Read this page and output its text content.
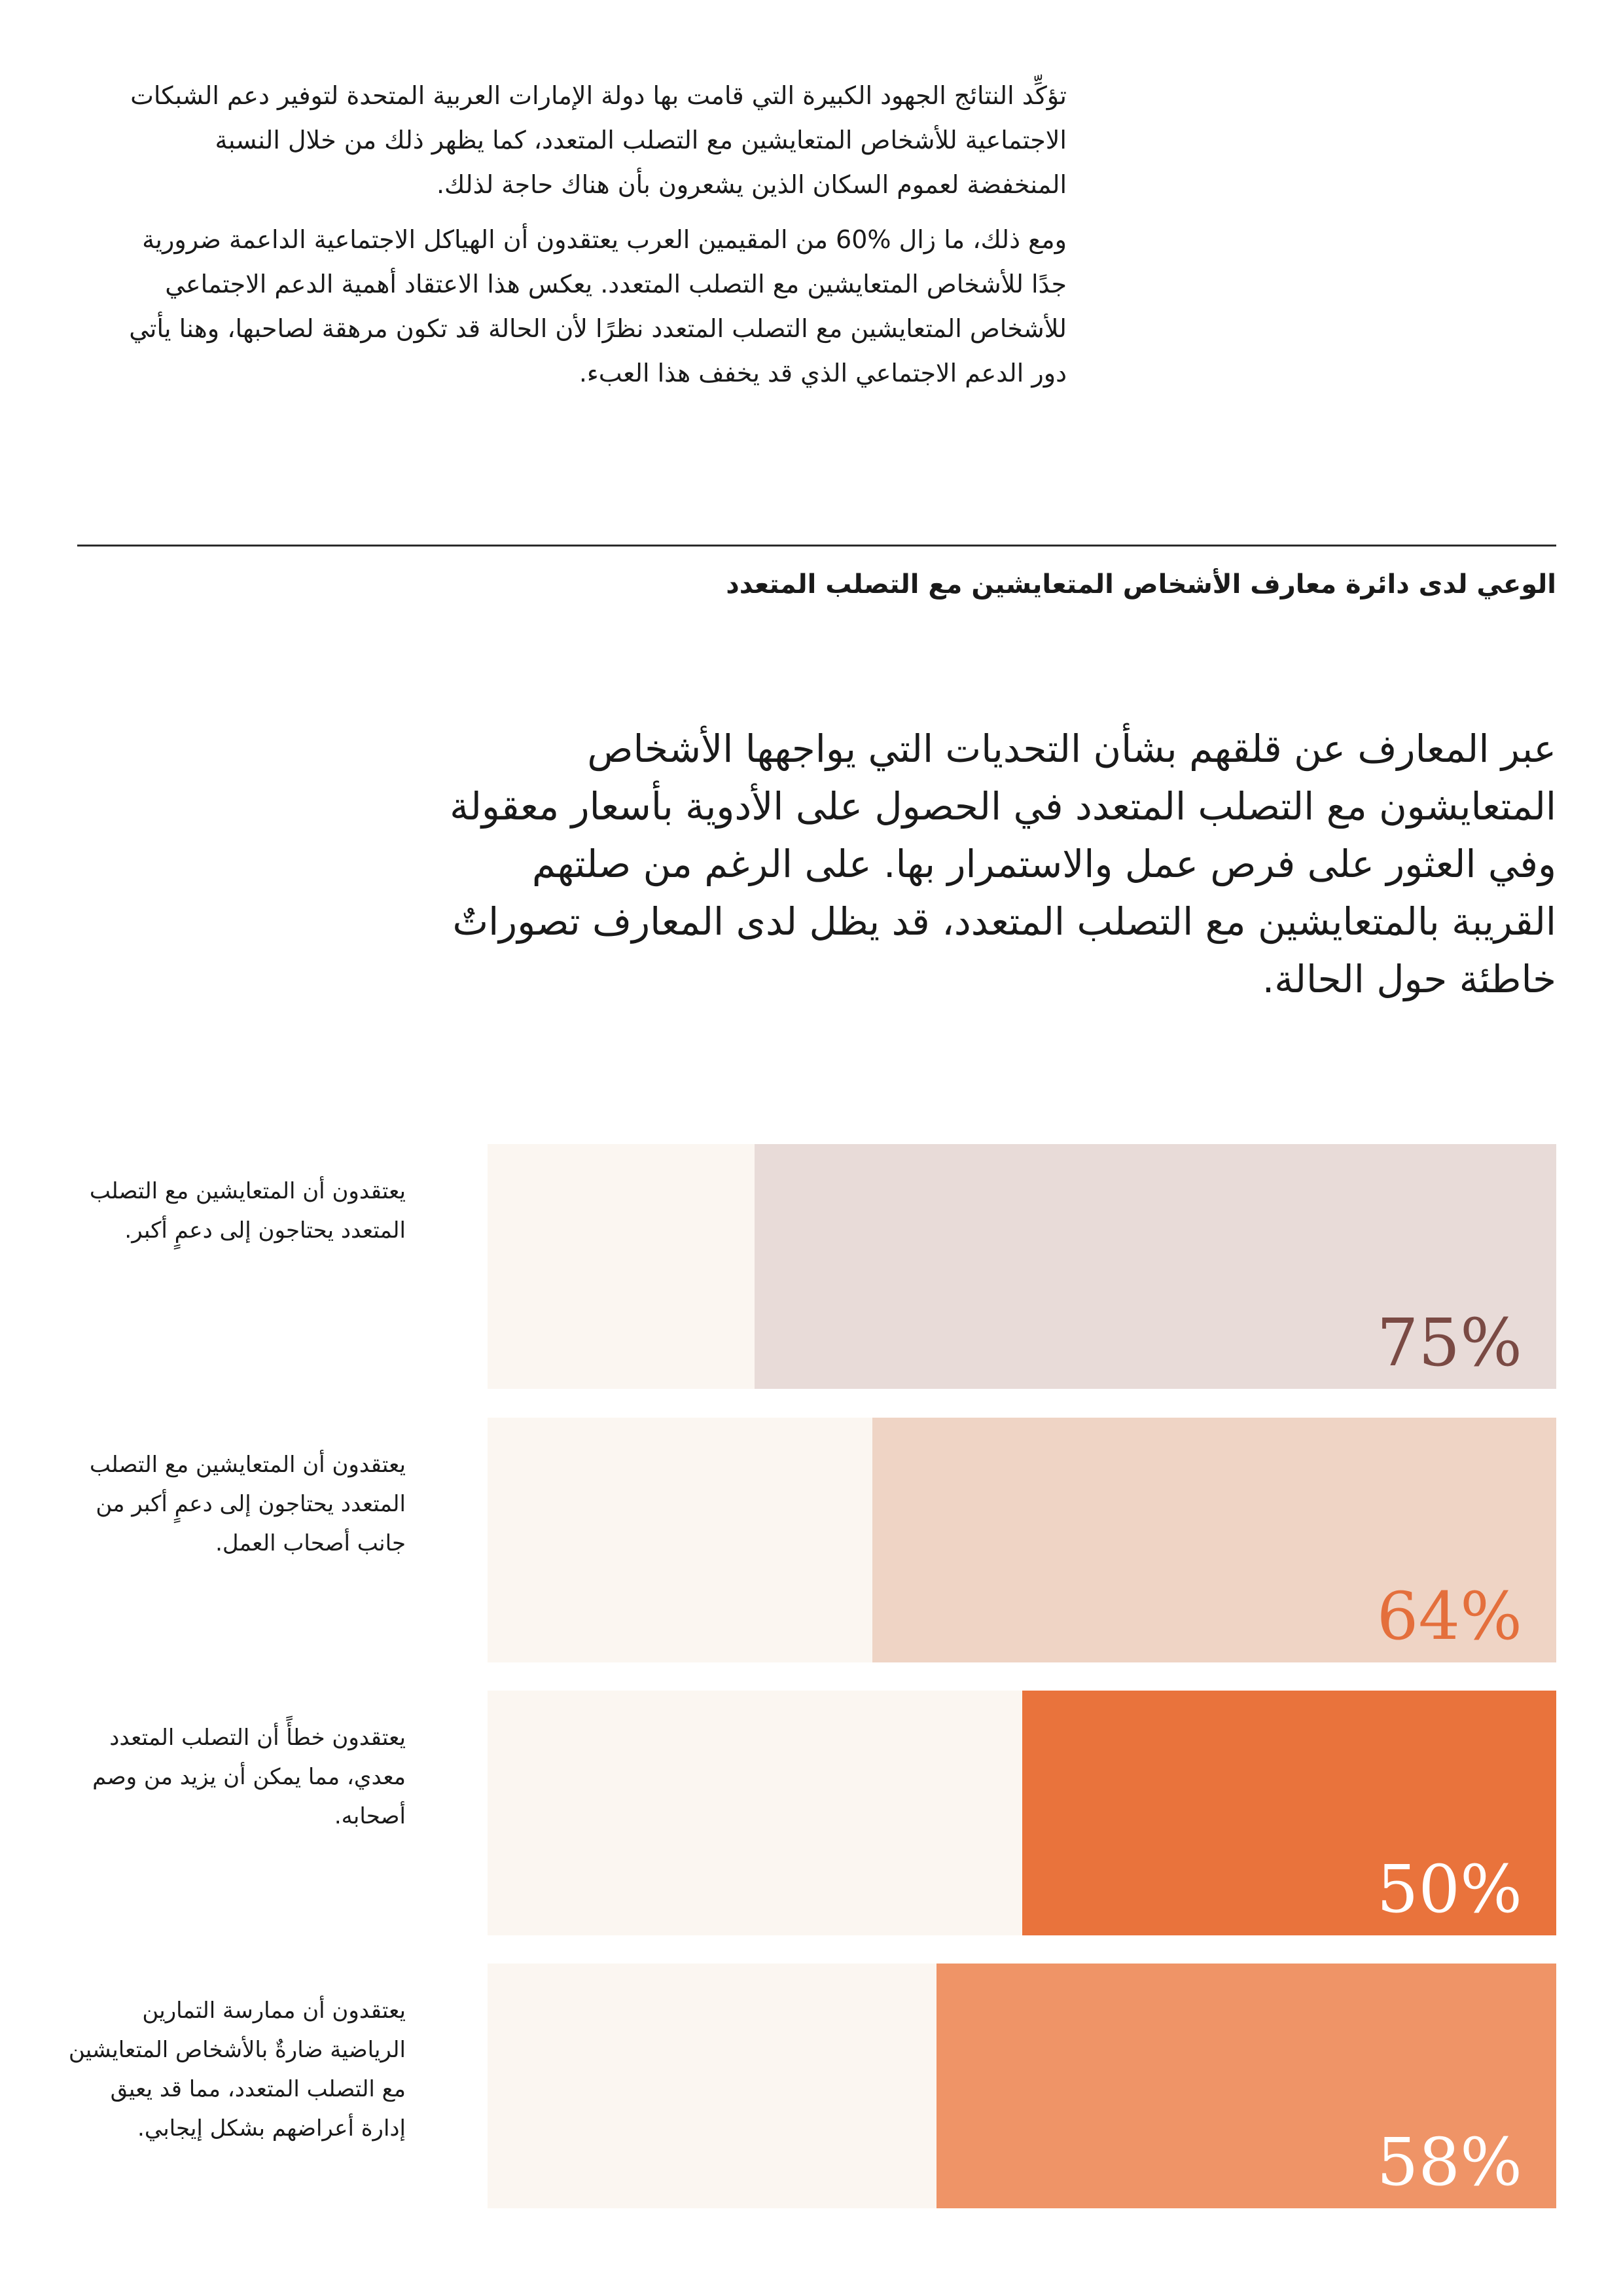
تؤكِّد النتائج الجهود الكبيرة التي قامت بها دولة الإمارات العربية المتحدة لتوفير دعم الشبكات الاجتماعية للأشخاص المتعايشين مع التصلب المتعدد، كما يظهر ذلك من خلال النسبة المنخفضة لعموم السكان الذين يشعرون بأن هناك حاجة لذلك.

ومع ذلك، ما زال %60 من المقيمين العرب يعتقدون أن الهياكل الاجتماعية الداعمة ضرورية جدًا للأشخاص المتعايشين مع التصلب المتعدد. يعكس هذا الاعتقاد أهمية الدعم الاجتماعي للأشخاص المتعايشين مع التصلب المتعدد نظرًا لأن الحالة قد تكون مرهقة لصاحبها، وهنا يأتي دور الدعم الاجتماعي الذي قد يخفف هذا العبء.

الوعي لدى دائرة معارف الأشخاص المتعايشين مع التصلب المتعدد
عبر المعارف عن قلقهم بشأن التحديات التي يواجهها الأشخاص المتعايشون مع التصلب المتعدد في الحصول على الأدوية بأسعار معقولة وفي العثور على فرص عمل والاستمرار بها. على الرغم من صلتهم القريبة بالمتعايشين مع التصلب المتعدد، قد يظل لدى المعارف تصوراتٌ خاطئة حول الحالة.
يعتقدون أن المتعايشين مع التصلب المتعدد يحتاجون إلى دعمٍ أكبر.
75%
يعتقدون أن المتعايشين مع التصلب المتعدد يحتاجون إلى دعمٍ أكبر من جانب أصحاب العمل.
64%
يعتقدون خطأً أن التصلب المتعدد معدي، مما يمكن أن يزيد من وصم أصحابه.
50%
يعتقدون أن ممارسة التمارين الرياضية ضارةٌ بالأشخاص المتعايشين مع التصلب المتعدد، مما قد يعيق إدارة أعراضهم بشكل إيجابي.	58%
